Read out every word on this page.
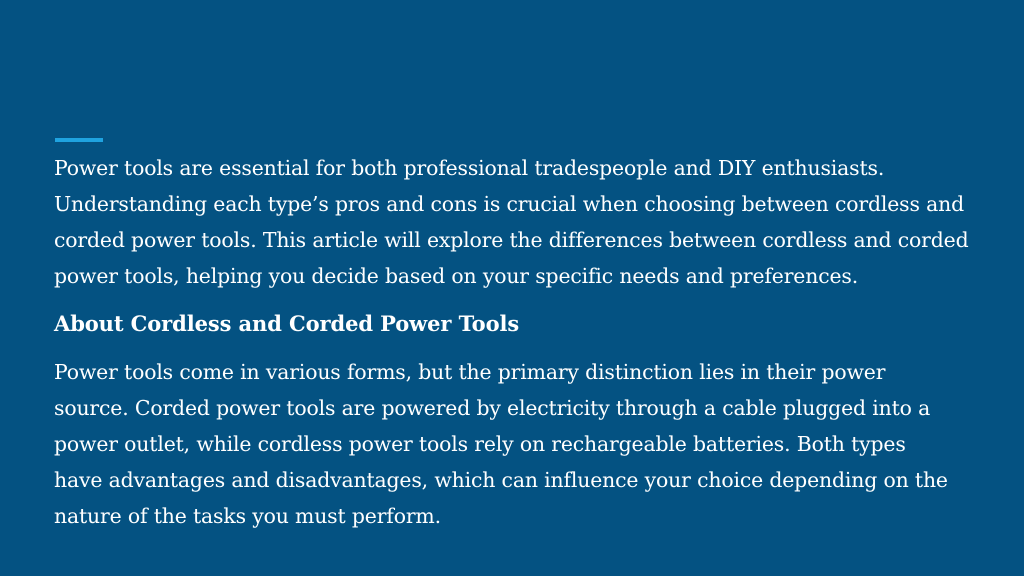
Power tools are essential for both professional tradespeople and DIY enthusiasts. Understanding each type’s pros and cons is crucial when choosing between cordless and corded power tools. This article will explore the differences between cordless and corded power tools, helping you decide based on your specific needs and preferences.

About Cordless and Corded Power Tools

Power tools come in various forms, but the primary distinction lies in their power source. Corded power tools are powered by electricity through a cable plugged into a power outlet, while cordless power tools rely on rechargeable batteries. Both types have advantages and disadvantages, which can influence your choice depending on the nature of the tasks you must perform.
